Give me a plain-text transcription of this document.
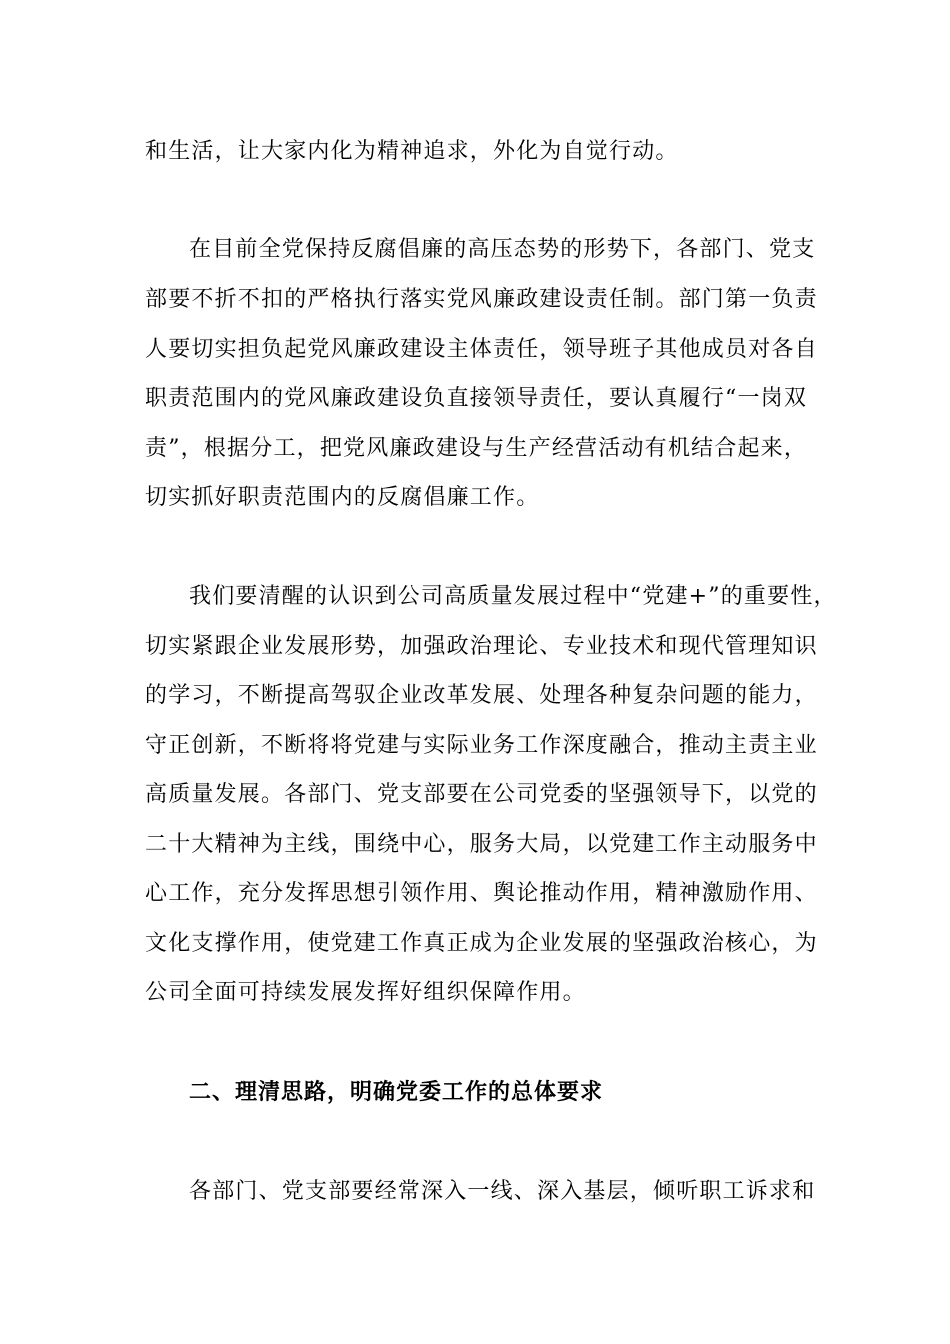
和生活，让大家内化为精神追求，外化为自觉行动。
在目前全党保持反腐倡廉的高压态势的形势下，各部门、党支
部要不折不扣的严格执行落实党风廉政建设责任制。部门第一负责
人要切实担负起党风廉政建设主体责任，领导班子其他成员对各自
职责范围内的党风廉政建设负直接领导责任，要认真履行“一岗双
责”，根据分工，把党风廉政建设与生产经营活动有机结合起来，
切实抓好职责范围内的反腐倡廉工作。
我们要清醒的认识到公司高质量发展过程中“党建+”的重要性，
切实紧跟企业发展形势，加强政治理论、专业技术和现代管理知识
的学习，不断提高驾驭企业改革发展、处理各种复杂问题的能力，
守正创新，不断将将党建与实际业务工作深度融合，推动主责主业
高质量发展。各部门、党支部要在公司党委的坚强领导下，以党的
二十大精神为主线，围绕中心，服务大局，以党建工作主动服务中
心工作，充分发挥思想引领作用、舆论推动作用，精神激励作用、
文化支撑作用，使党建工作真正成为企业发展的坚强政治核心，为
公司全面可持续发展发挥好组织保障作用。
二、理清思路，明确党委工作的总体要求
各部门、党支部要经常深入一线、深入基层，倾听职工诉求和
